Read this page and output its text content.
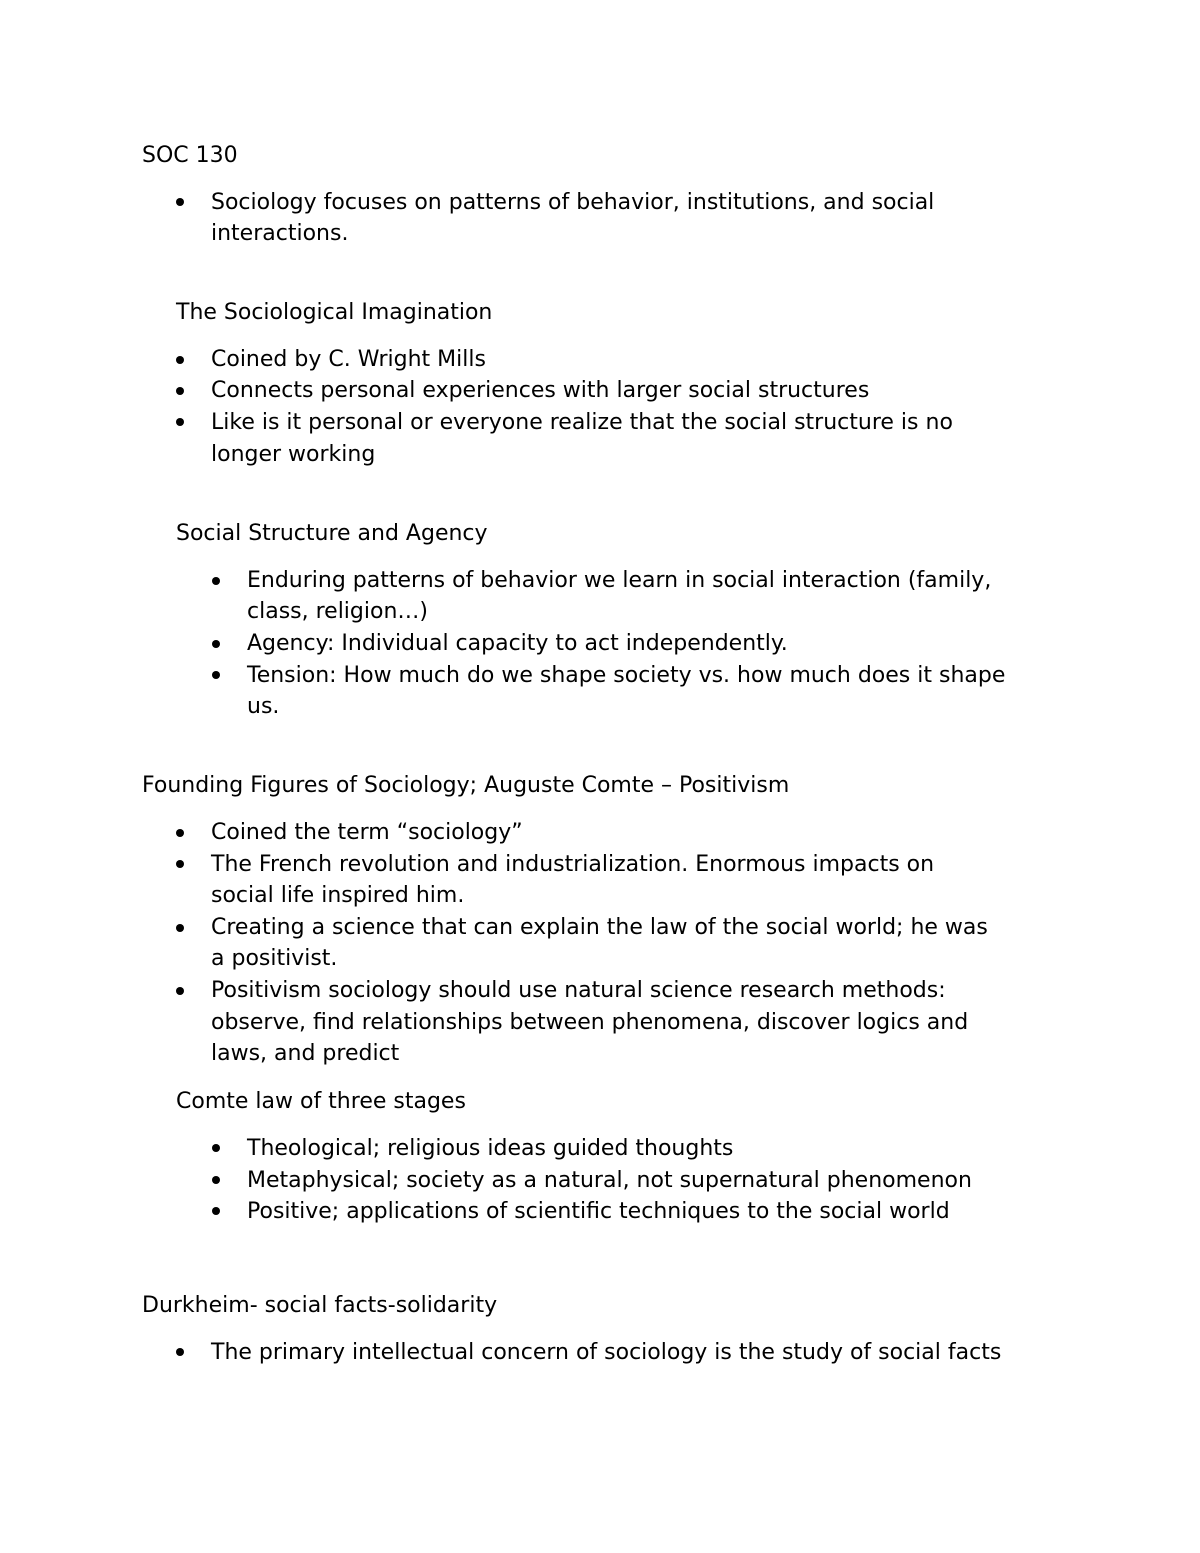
SOC 130
Sociology focuses on patterns of behavior, institutions, and social
interactions.
The Sociological Imagination
Coined by C. Wright Mills
Connects personal experiences with larger social structures
Like is it personal or everyone realize that the social structure is no
longer working
Social Structure and Agency
Enduring patterns of behavior we learn in social interaction (family,
class, religion…)
Agency: Individual capacity to act independently.
Tension: How much do we shape society vs. how much does it shape
us.
Founding Figures of Sociology; Auguste Comte – Positivism
Coined the term “sociology”
The French revolution and industrialization. Enormous impacts on
social life inspired him.
Creating a science that can explain the law of the social world; he was
a positivist.
Positivism sociology should use natural science research methods:
observe, find relationships between phenomena, discover logics and
laws, and predict
Comte law of three stages
Theological; religious ideas guided thoughts
Metaphysical; society as a natural, not supernatural phenomenon
Positive; applications of scientific techniques to the social world
Durkheim- social facts-solidarity
The primary intellectual concern of sociology is the study of social facts
